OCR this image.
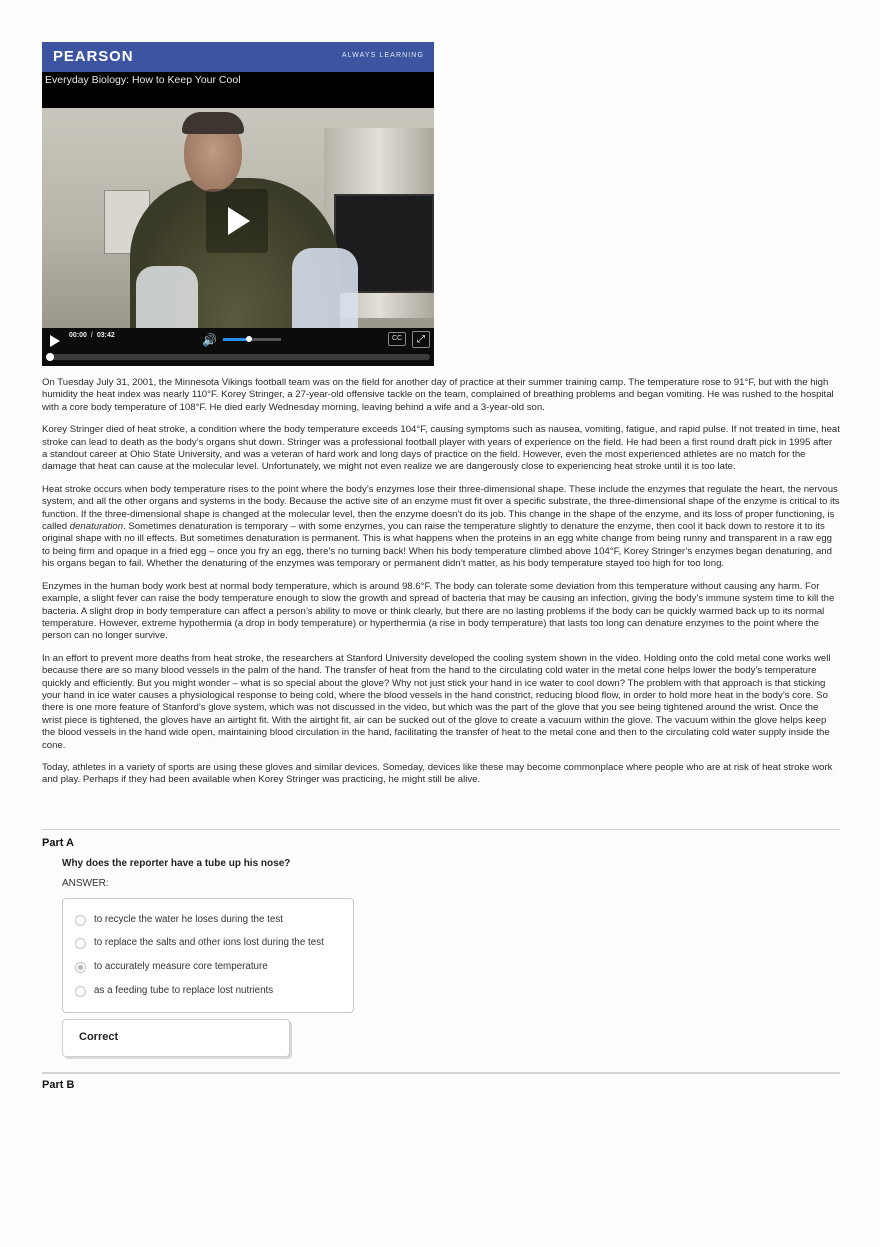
PEARSON	ALWAYS LEARNING
Everyday Biology: How to Keep Your Cool
00:00 / 03:42	🔊	CC	⤢

On Tuesday July 31, 2001, the Minnesota Vikings football team was on the field for another day of practice at their summer training camp. The temperature rose to 91°F, but with the high humidity the heat index was nearly 110°F. Korey Stringer, a 27-year-old offensive tackle on the team, complained of breathing problems and began vomiting. He was rushed to the hospital with a core body temperature of 108°F. He died early Wednesday morning, leaving behind a wife and a 3-year-old son.

Korey Stringer died of heat stroke, a condition where the body temperature exceeds 104°F, causing symptoms such as nausea, vomiting, fatigue, and rapid pulse. If not treated in time, heat stroke can lead to death as the body’s organs shut down. Stringer was a professional football player with years of experience on the field. He had been a first round draft pick in 1995 after a standout career at Ohio State University, and was a veteran of hard work and long days of practice on the field. However, even the most experienced athletes are no match for the damage that heat can cause at the molecular level. Unfortunately, we might not even realize we are dangerously close to experiencing heat stroke until it is too late.

Heat stroke occurs when body temperature rises to the point where the body’s enzymes lose their three-dimensional shape. These include the enzymes that regulate the heart, the nervous system, and all the other organs and systems in the body. Because the active site of an enzyme must fit over a specific substrate, the three-dimensional shape of the enzyme is critical to its function. If the three-dimensional shape is changed at the molecular level, then the enzyme doesn’t do its job. This change in the shape of the enzyme, and its loss of proper functioning, is called denaturation. Sometimes denaturation is temporary – with some enzymes, you can raise the temperature slightly to denature the enzyme, then cool it back down to restore it to its original shape with no ill effects. But sometimes denaturation is permanent. This is what happens when the proteins in an egg white change from being runny and transparent in a raw egg to being firm and opaque in a fried egg – once you fry an egg, there’s no turning back! When his body temperature climbed above 104°F, Korey Stringer’s enzymes began denaturing, and his organs began to fail. Whether the denaturing of the enzymes was temporary or permanent didn’t matter, as his body temperature stayed too high for too long.

Enzymes in the human body work best at normal body temperature, which is around 98.6°F. The body can tolerate some deviation from this temperature without causing any harm. For example, a slight fever can raise the body temperature enough to slow the growth and spread of bacteria that may be causing an infection, giving the body’s immune system time to kill the bacteria. A slight drop in body temperature can affect a person’s ability to move or think clearly, but there are no lasting problems if the body can be quickly warmed back up to its normal temperature. However, extreme hypothermia (a drop in body temperature) or hyperthermia (a rise in body temperature) that lasts too long can denature enzymes to the point where the person can no longer survive.

In an effort to prevent more deaths from heat stroke, the researchers at Stanford University developed the cooling system shown in the video. Holding onto the cold metal cone works well because there are so many blood vessels in the palm of the hand. The transfer of heat from the hand to the circulating cold water in the metal cone helps lower the body’s temperature quickly and efficiently. But you might wonder – what is so special about the glove? Why not just stick your hand in ice water to cool down? The problem with that approach is that sticking your hand in ice water causes a physiological response to being cold, where the blood vessels in the hand constrict, reducing blood flow, in order to hold more heat in the body’s core. So there is one more feature of Stanford’s glove system, which was not discussed in the video, but which was the part of the glove that you see being tightened around the wrist. Once the wrist piece is tightened, the gloves have an airtight fit. With the airtight fit, air can be sucked out of the glove to create a vacuum within the glove. The vacuum within the glove helps keep the blood vessels in the hand wide open, maintaining blood circulation in the hand, facilitating the transfer of heat to the metal cone and then to the circulating cold water supply inside the cone.

Today, athletes in a variety of sports are using these gloves and similar devices. Someday, devices like these may become commonplace where people who are at risk of heat stroke work and play. Perhaps if they had been available when Korey Stringer was practicing, he might still be alive.

Part A
Why does the reporter have a tube up his nose?
ANSWER:
to recycle the water he loses during the test
to replace the salts and other ions lost during the test
to accurately measure core temperature
as a feeding tube to replace lost nutrients
Correct
Part B
